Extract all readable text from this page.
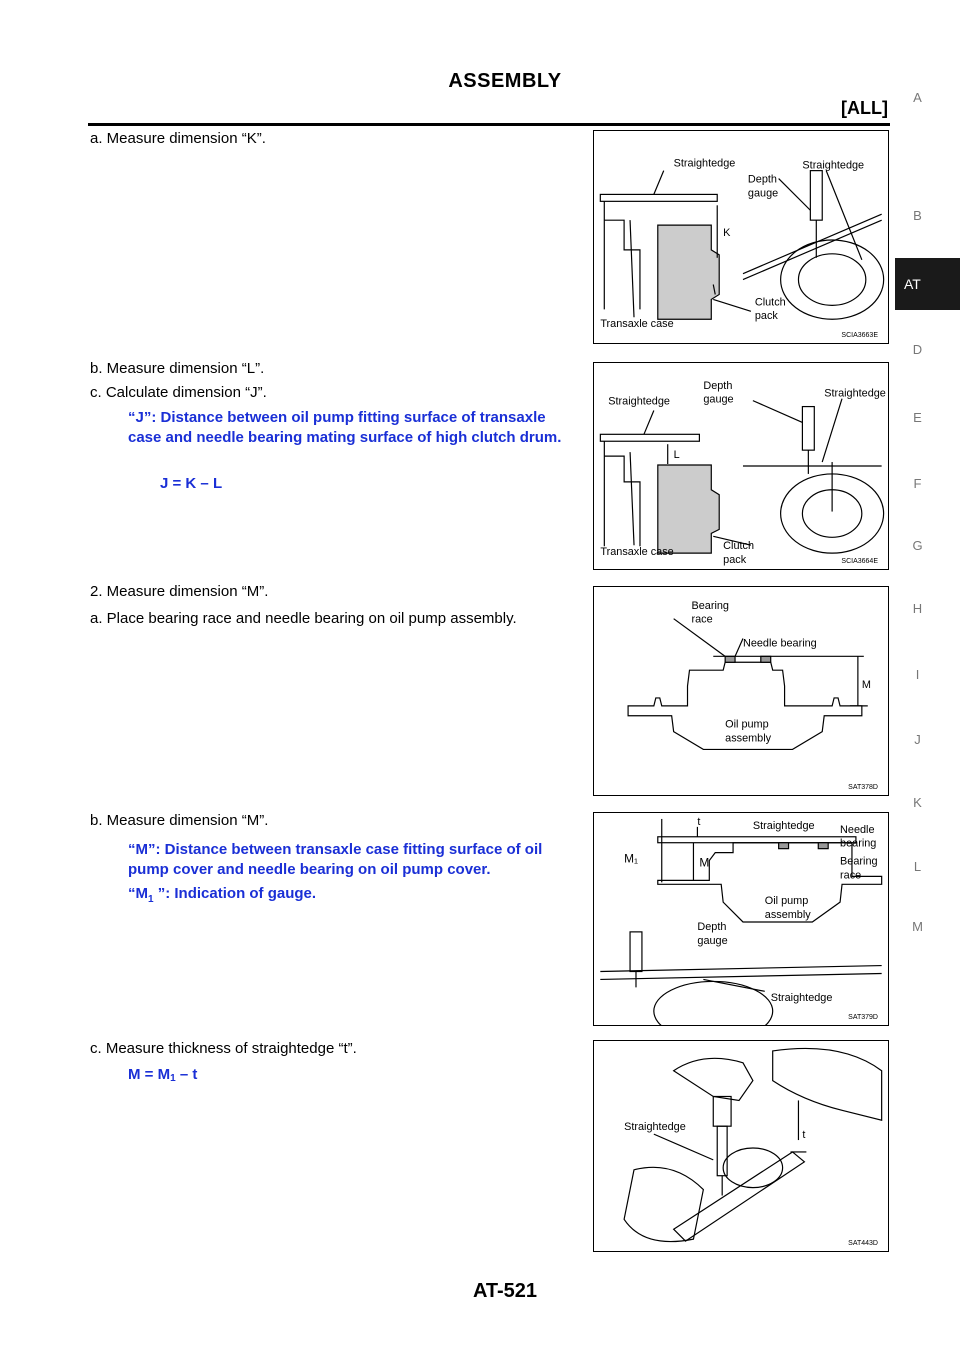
ASSEMBLY
[ALL]
A
B
AT
D
E
F
G
H
I
J
K
L
M
a. Measure dimension “K”.
b. Measure dimension “L”.
c. Calculate dimension “J”.
“J”: Distance between oil pump fitting surface of transaxle case and needle bearing mating surface of high clutch drum.
J = K – L
2. Measure dimension “M”.
a. Place bearing race and needle bearing on oil pump assembly.
b. Measure dimension “M”.
“M”: Distance between transaxle case fitting surface of oil pump cover and needle bearing on oil pump cover.
“$M_1$ ”: Indication of gauge.
c. Measure thickness of straightedge “t”.
$M = M_1 - t$
Straightedge	Straightedge
Depth
gauge
K
Clutch
pack
Transaxle case
SCIA3663E
Straightedge
Straightedge
Depth
gauge
L
Clutch
pack
Transaxle case
SCIA3664E
Bearing
race
Needle bearing
M
Oil pump
assembly
SAT378D
t	Straightedge Needle
bearing
Bearing
race
M₁	M
Oil pump
assembly
Depth
gauge
Straightedge
SAT379D
Straightedge
t
SAT443D
AT-521
